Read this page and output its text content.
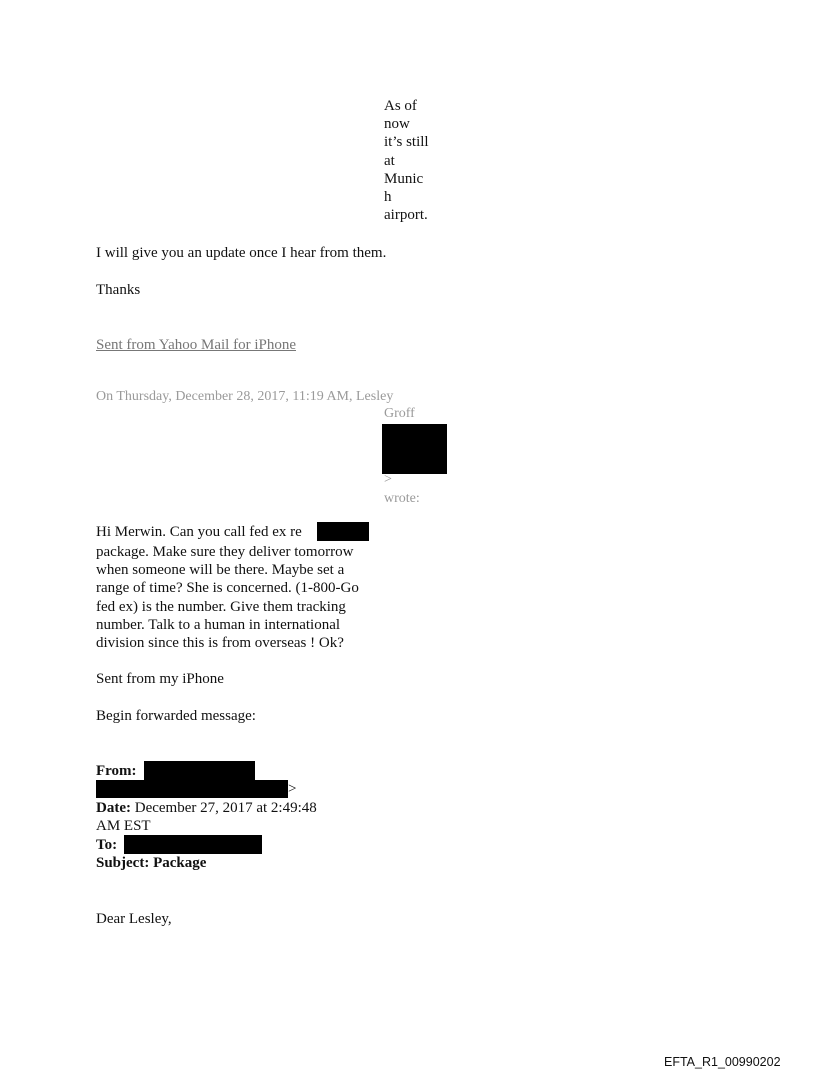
As of
now
it’s still
at
Munic
h
airport.
I will give you an update once I hear from them.
Thanks
Sent from Yahoo Mail for iPhone
On Thursday, December 28, 2017, 11:19 AM, Lesley
Groff
>
wrote:
Hi Merwin. Can you call fed ex re
package. Make sure they deliver tomorrow
when someone will be there. Maybe set a
range of time? She is concerned. (1-800-Go
fed ex) is the number. Give them tracking
number. Talk to a human in international
division since this is from overseas ! Ok?
Sent from my iPhone
Begin forwarded message:
From:
>
Date: December 27, 2017 at 2:49:48
AM EST
To:
Subject: Package
Dear Lesley,
EFTA_R1_00990202
